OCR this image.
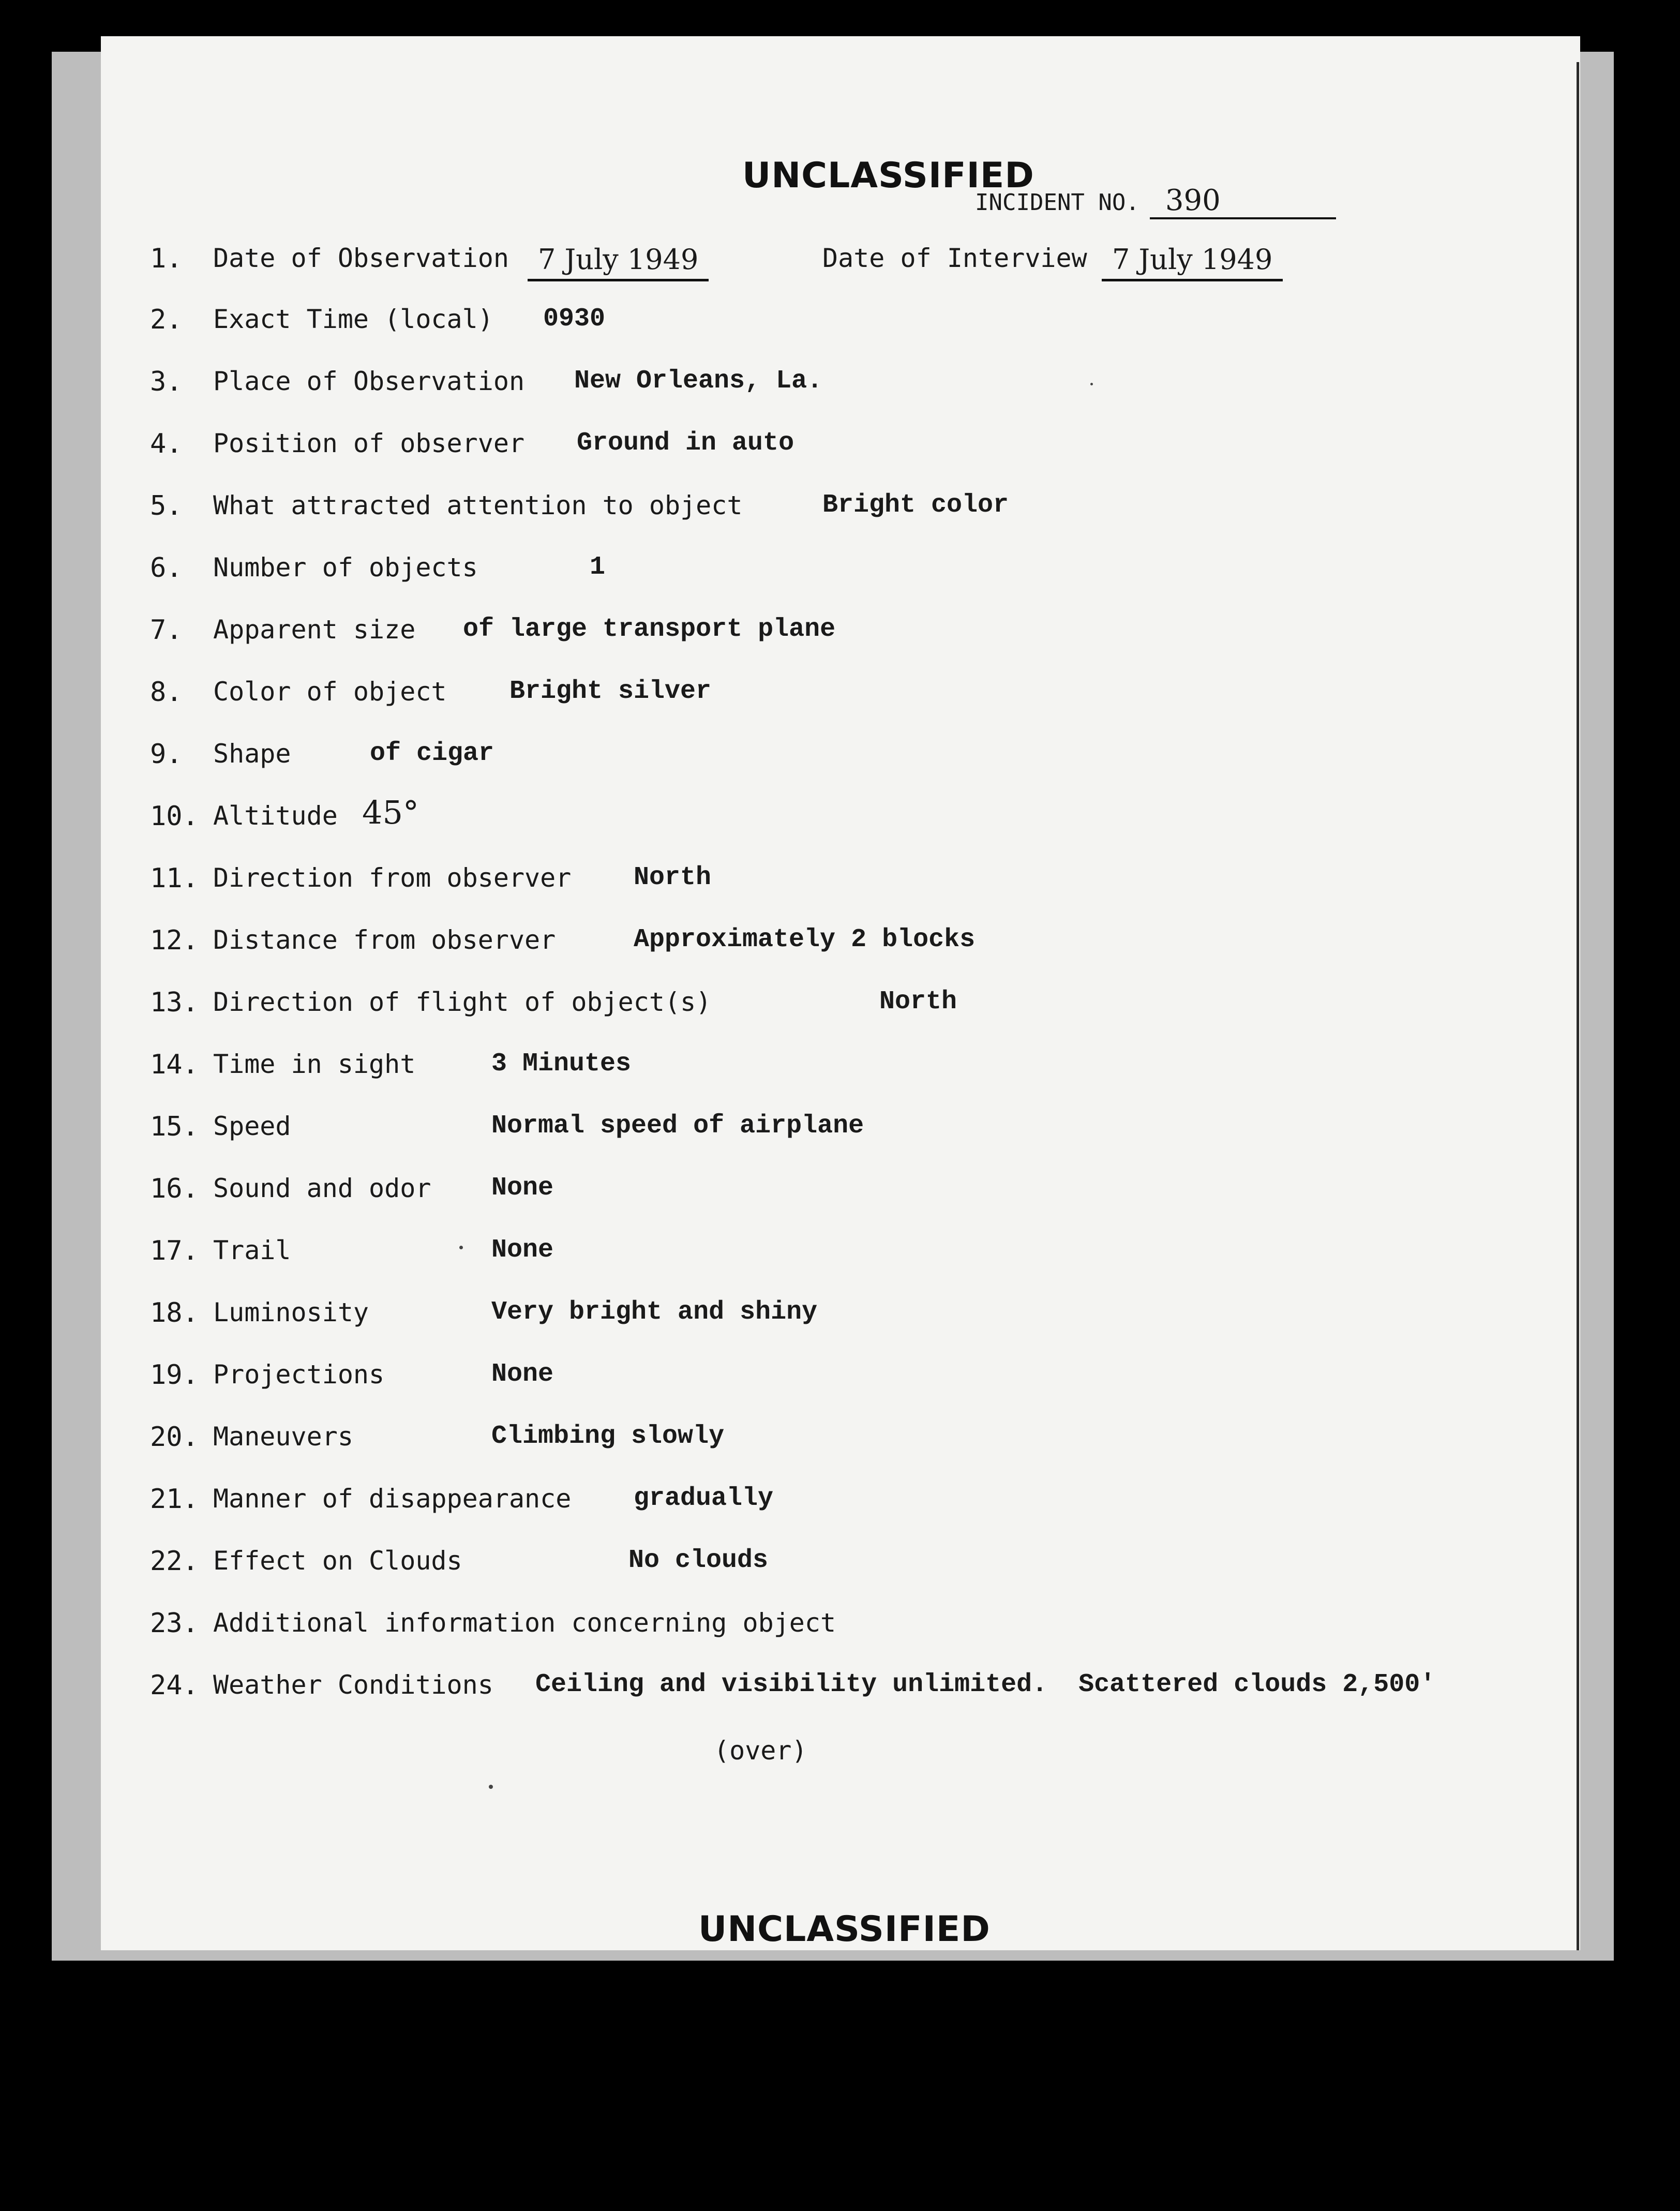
UNCLASSIFIED
INCIDENT NO. 390
1.	Date of Observation	7 July 1949	Date of Interview 7 July 1949
2.	Exact Time (local) 0930
3.	Place of Observation New Orleans, La.
4.	Position of observer Ground in auto
5.	What attracted attention to object	Bright color
6.	Number of objects	1
7.	Apparent size of large transport plane
8.	Color of object Bright silver
9.	Shape	of cigar
10. Altitude 45°
11. Direction from observer North
12. Distance from observer	Approximately 2 blocks
13. Direction of flight of object(s)	North
14. Time in sight	3 Minutes
15. Speed	Normal speed of airplane
16. Sound and odor None
17. Trail	None
18. Luminosity	Very bright and shiny
19. Projections	None
20. Maneuvers	Climbing slowly
21. Manner of disappearance gradually
22. Effect on Clouds	No clouds
23. Additional information concerning object
24. Weather Conditions Ceiling and visibility unlimited.  Scattered clouds 2,500'
(over)
UNCLASSIFIED
